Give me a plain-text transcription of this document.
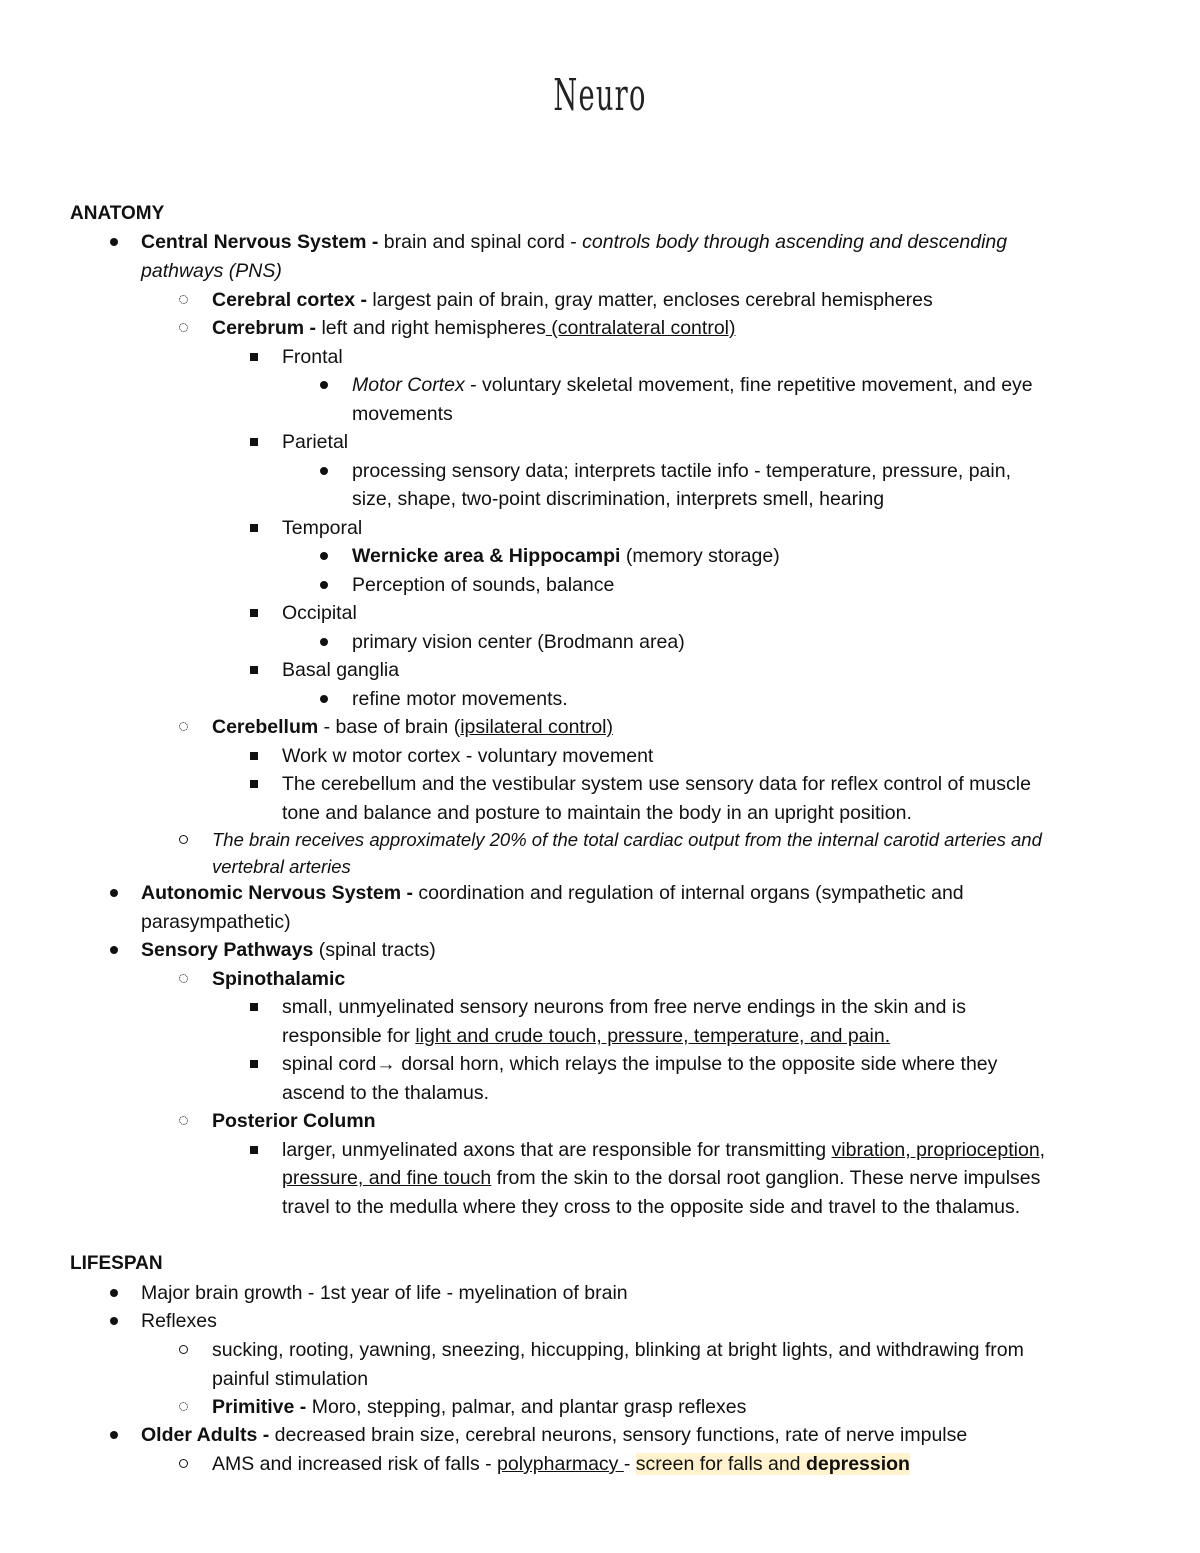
Neuro
ANATOMY
Central Nervous System - brain and spinal cord - controls body through ascending and descending
pathways (PNS)
Cerebral cortex - largest pain of brain, gray matter, encloses cerebral hemispheres
Cerebrum - left and right hemispheres (contralateral control)
Frontal
Motor Cortex - voluntary skeletal movement, fine repetitive movement, and eye
movements
Parietal
processing sensory data; interprets tactile info - temperature, pressure, pain,
size, shape, two-point discrimination, interprets smell, hearing
Temporal
Wernicke area & Hippocampi (memory storage)
Perception of sounds, balance
Occipital
primary vision center (Brodmann area)
Basal ganglia
refine motor movements.
Cerebellum - base of brain (ipsilateral control)
Work w motor cortex - voluntary movement
The cerebellum and the vestibular system use sensory data for reflex control of muscle
tone and balance and posture to maintain the body in an upright position.
The brain receives approximately 20% of the total cardiac output from the internal carotid arteries and
vertebral arteries
Autonomic Nervous System - coordination and regulation of internal organs (sympathetic and
parasympathetic)
Sensory Pathways (spinal tracts)
Spinothalamic
small, unmyelinated sensory neurons from free nerve endings in the skin and is
responsible for light and crude touch, pressure, temperature, and pain.
spinal cord→ dorsal horn, which relays the impulse to the opposite side where they
ascend to the thalamus.
Posterior Column
larger, unmyelinated axons that are responsible for transmitting vibration, proprioception,
pressure, and fine touch from the skin to the dorsal root ganglion. These nerve impulses
travel to the medulla where they cross to the opposite side and travel to the thalamus.
LIFESPAN
Major brain growth - 1st year of life - myelination of brain
Reflexes
sucking, rooting, yawning, sneezing, hiccupping, blinking at bright lights, and withdrawing from
painful stimulation
Primitive - Moro, stepping, palmar, and plantar grasp reflexes
Older Adults - decreased brain size, cerebral neurons, sensory functions, rate of nerve impulse
AMS and increased risk of falls - polypharmacy - screen for falls and depression
